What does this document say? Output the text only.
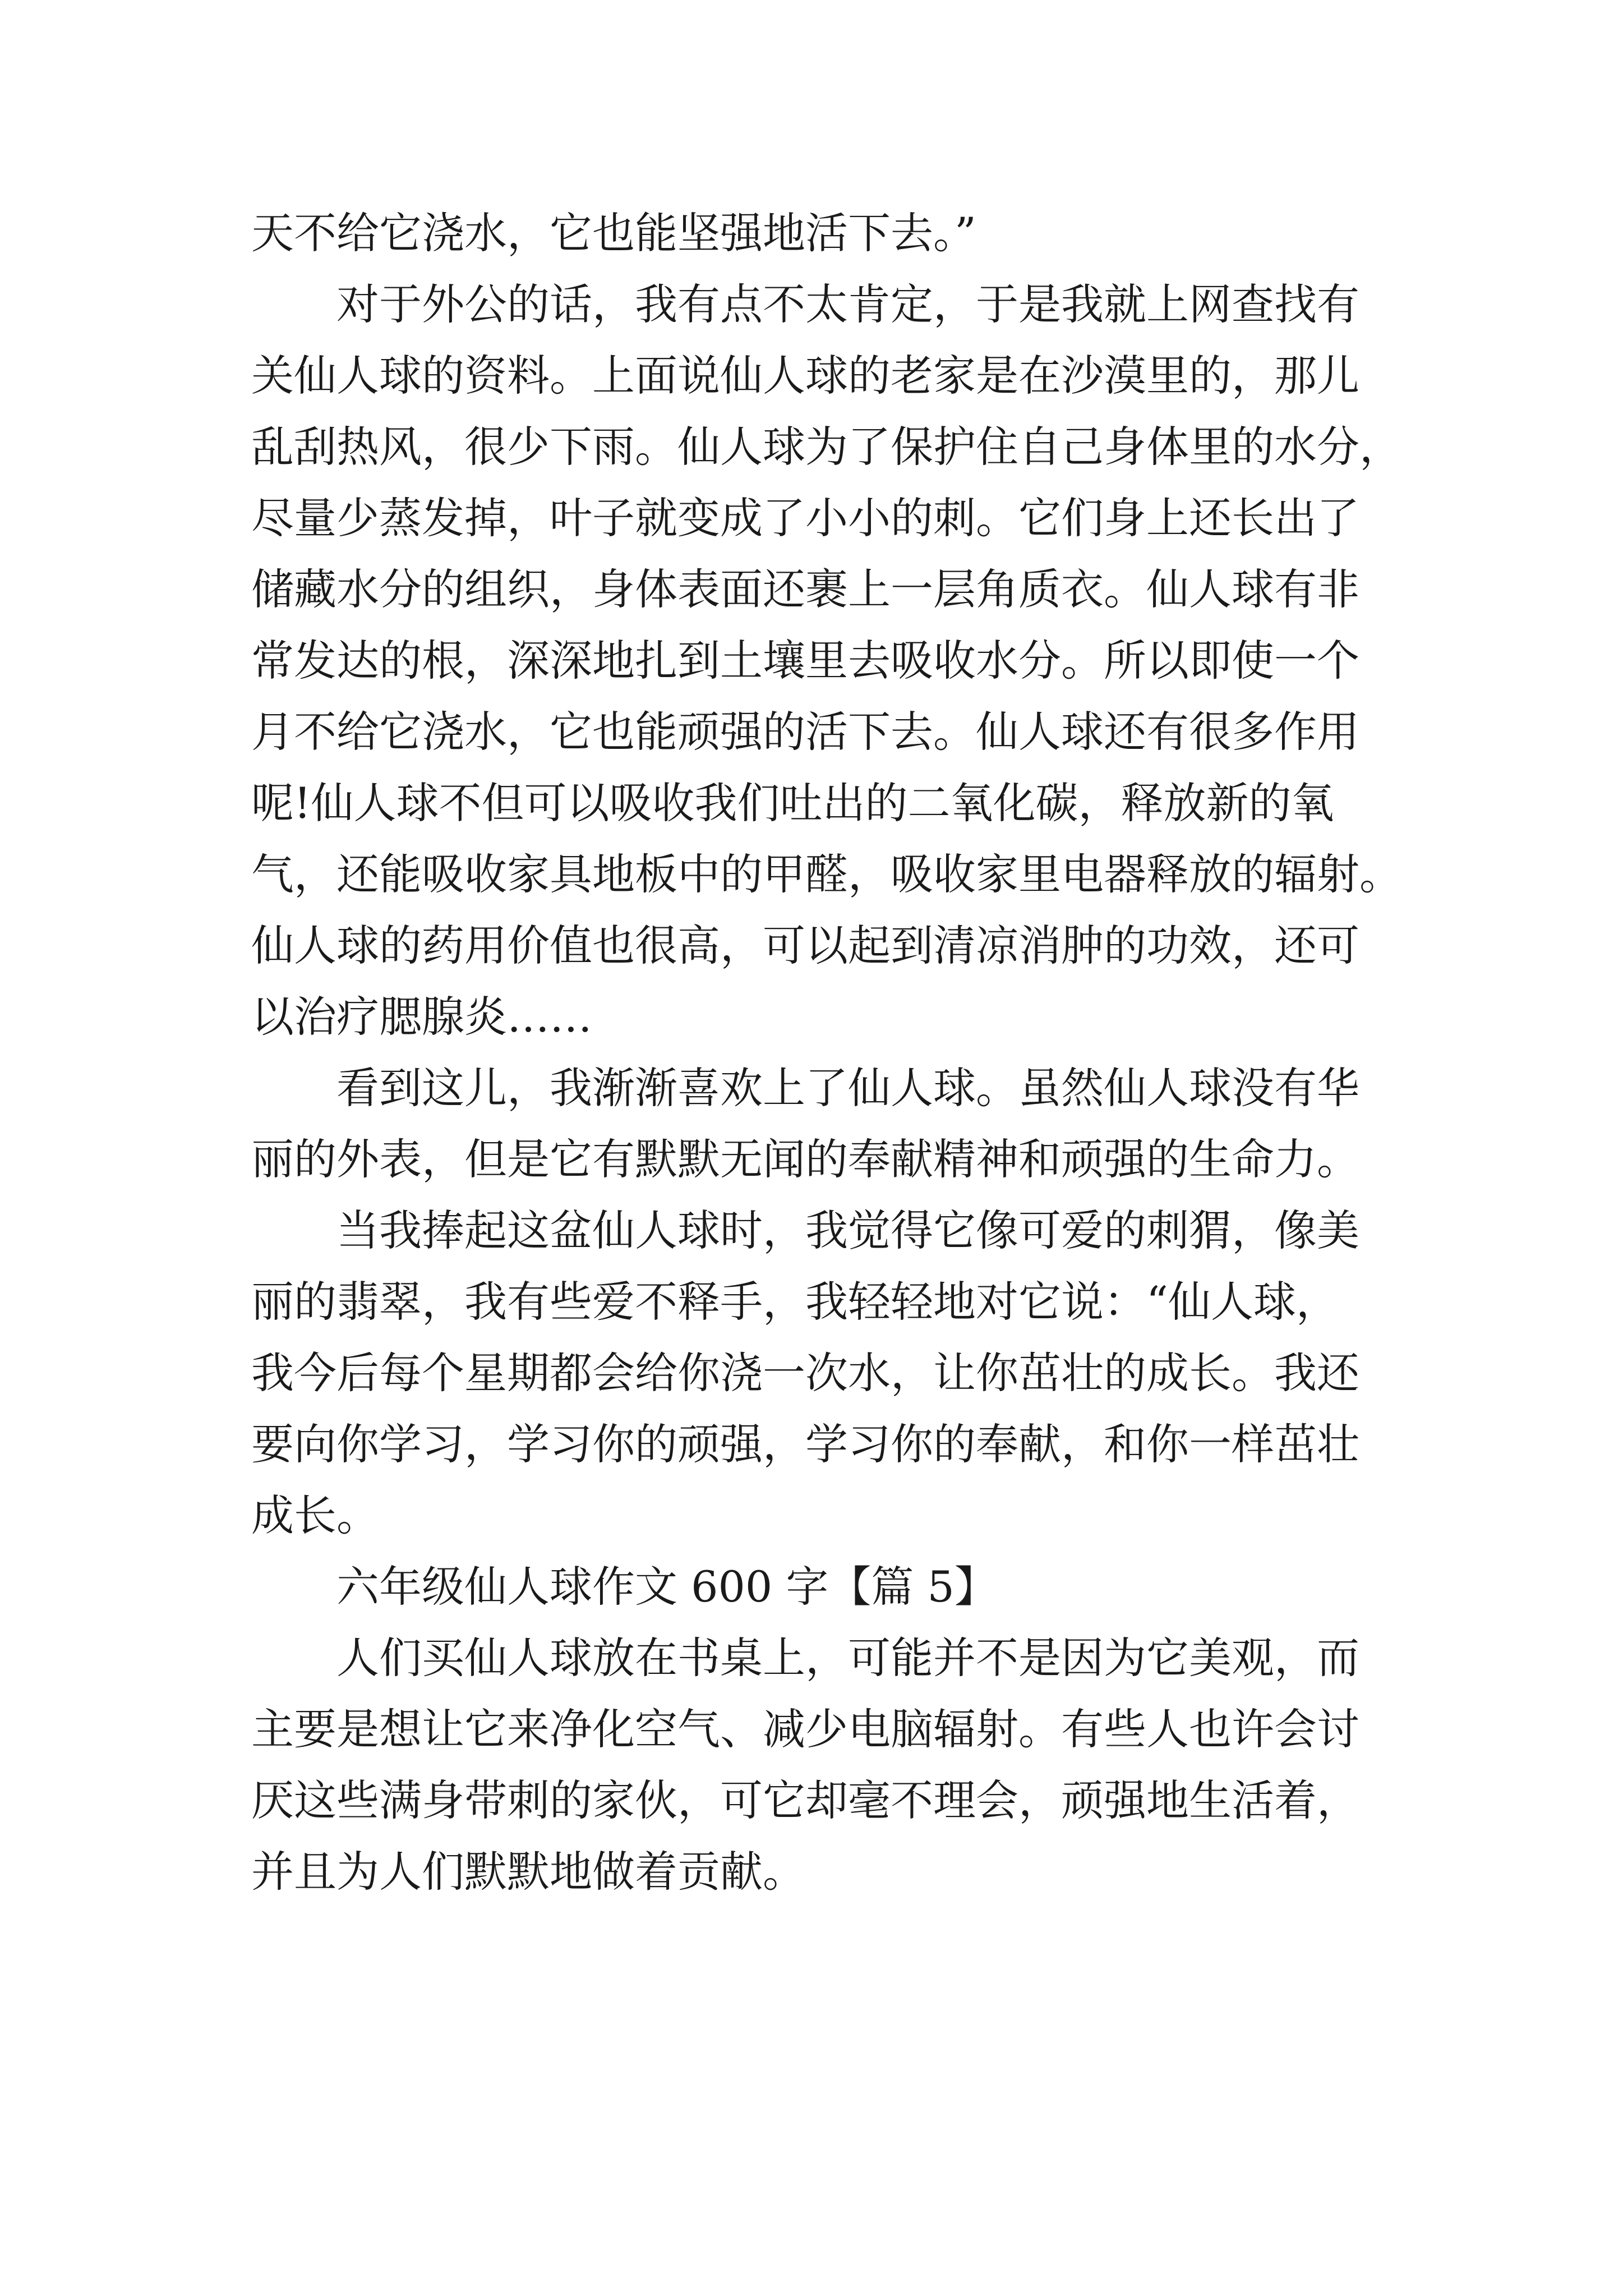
天不给它浇水，它也能坚强地活下去。”
对于外公的话，我有点不太肯定，于是我就上网查找有
关仙人球的资料。上面说仙人球的老家是在沙漠里的，那儿
乱刮热风，很少下雨。仙人球为了保护住自己身体里的水分，
尽量少蒸发掉，叶子就变成了小小的刺。它们身上还长出了
储藏水分的组织，身体表面还裹上一层角质衣。仙人球有非
常发达的根，深深地扎到土壤里去吸收水分。所以即使一个
月不给它浇水，它也能顽强的活下去。仙人球还有很多作用
呢!仙人球不但可以吸收我们吐出的二氧化碳，释放新的氧
气，还能吸收家具地板中的甲醛，吸收家里电器释放的辐射。
仙人球的药用价值也很高，可以起到清凉消肿的功效，还可
以治疗腮腺炎……
看到这儿，我渐渐喜欢上了仙人球。虽然仙人球没有华
丽的外表，但是它有默默无闻的奉献精神和顽强的生命力。
当我捧起这盆仙人球时，我觉得它像可爱的刺猬，像美
丽的翡翠，我有些爱不释手，我轻轻地对它说：“仙人球，
我今后每个星期都会给你浇一次水，让你茁壮的成长。我还
要向你学习，学习你的顽强，学习你的奉献，和你一样茁壮
成长。
六年级仙人球作文 600 字【篇 5】
人们买仙人球放在书桌上，可能并不是因为它美观，而
主要是想让它来净化空气、减少电脑辐射。有些人也许会讨
厌这些满身带刺的家伙，可它却毫不理会，顽强地生活着，
并且为人们默默地做着贡献。
